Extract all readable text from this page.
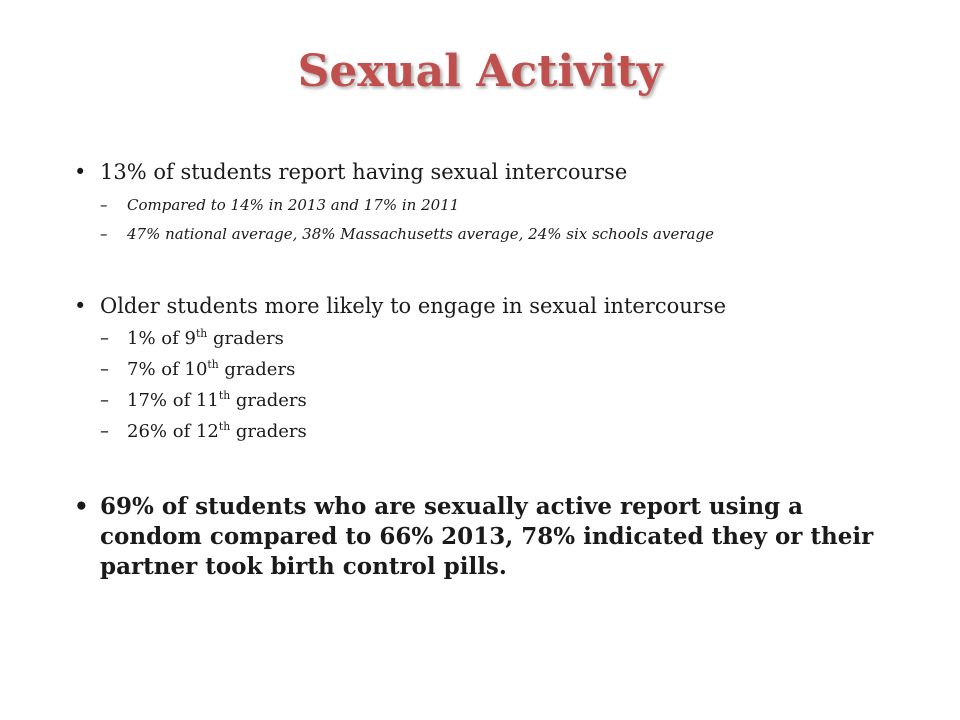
Sexual Activity
• 13% of students report having sexual intercourse
– Compared to 14% in 2013 and 17% in 2011
– 47% national average, 38% Massachusetts average, 24% six schools average
• Older students more likely to engage in sexual intercourse
– 1% of 9th graders
– 7% of 10th graders
– 17% of 11th graders
– 26% of 12th graders
• 69% of students who are sexually active report using a condom compared to 66% 2013, 78% indicated they or their partner took birth control pills.
